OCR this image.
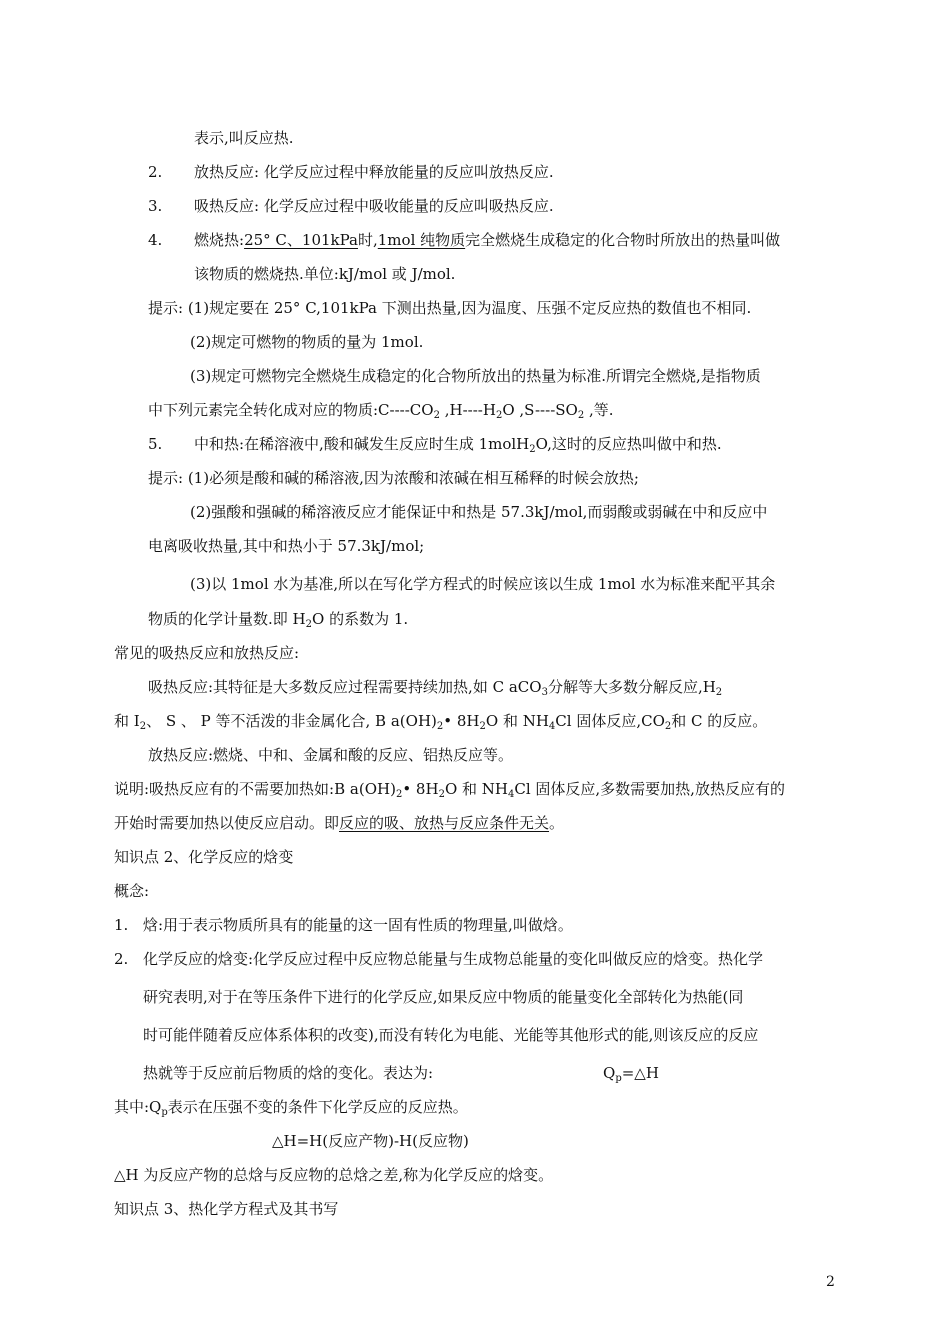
表示,叫反应热.
2. 放热反应: 化学反应过程中释放能量的反应叫放热反应.
3. 吸热反应: 化学反应过程中吸收能量的反应叫吸热反应.
4. 燃烧热:25° C、101kPa时,1mol 纯物质完全燃烧生成稳定的化合物时所放出的热量叫做
该物质的燃烧热.单位:kJ/mol 或 J/mol.
提示: (1)规定要在 25° C,101kPa 下测出热量,因为温度、压强不定反应热的数值也不相同.
(2)规定可燃物的物质的量为 1mol.
(3)规定可燃物完全燃烧生成稳定的化合物所放出的热量为标准.所谓完全燃烧,是指物质
中下列元素完全转化成对应的物质$:C----CO_2$ $,H----H_2O$ $,S----SO_2$ ,等.
5. 中和热:在稀溶液中,酸和碱发生反应时生成 1molH$_2$O,这时的反应热叫做中和热.
提示: (1)必须是酸和碱的稀溶液,因为浓酸和浓碱在相互稀释的时候会放热;
(2)强酸和强碱的稀溶液反应才能保证中和热是 57.3kJ/mol,而弱酸或弱碱在中和反应中
电离吸收热量,其中和热小于 57.3kJ/mol;
(3)以 1mol 水为基准,所以在写化学方程式的时候应该以生成 1mol 水为标准来配平其余
物质的化学计量数.即 $H_2O$ 的系数为 1.
常见的吸热反应和放热反应:
吸热反应:其特征是大多数反应过程需要持续加热,如 C aCO$_3$分解等大多数分解反应$,H_2$
和 $I_2$、 S 、 P 等不活泼的非金属化合, B $a(OH)_2•$ $8H_2O$ 和 $NH_4Cl$ 固体反应$,CO_2$和 C 的反应。
放热反应:燃烧、中和、金属和酸的反应、铝热反应等。
说明:吸热反应有的不需要加热如:B $a(OH)_2•$ $8H_2O$ 和 $NH_4Cl$ 固体反应,多数需要加热,放热反应有的
开始时需要加热以使反应启动。即反应的吸、放热与反应条件无关。
知识点 2、化学反应的焓变
概念:
1. 焓:用于表示物质所具有的能量的这一固有性质的物理量,叫做焓。
2. 化学反应的焓变:化学反应过程中反应物总能量与生成物总能量的变化叫做反应的焓变。热化学
研究表明,对于在等压条件下进行的化学反应,如果反应中物质的能量变化全部转化为热能(同
时可能伴随着反应体系体积的改变),而没有转化为电能、光能等其他形式的能,则该反应的反应
热就等于反应前后物质的焓的变化。表达为:	$Q_p=\triangle H$
其中$:Q_p$表示在压强不变的条件下化学反应的反应热。
△H=H(反应产物)-H(反应物)
△H 为反应产物的总焓与反应物的总焓之差,称为化学反应的焓变。
知识点 3、热化学方程式及其书写
2
